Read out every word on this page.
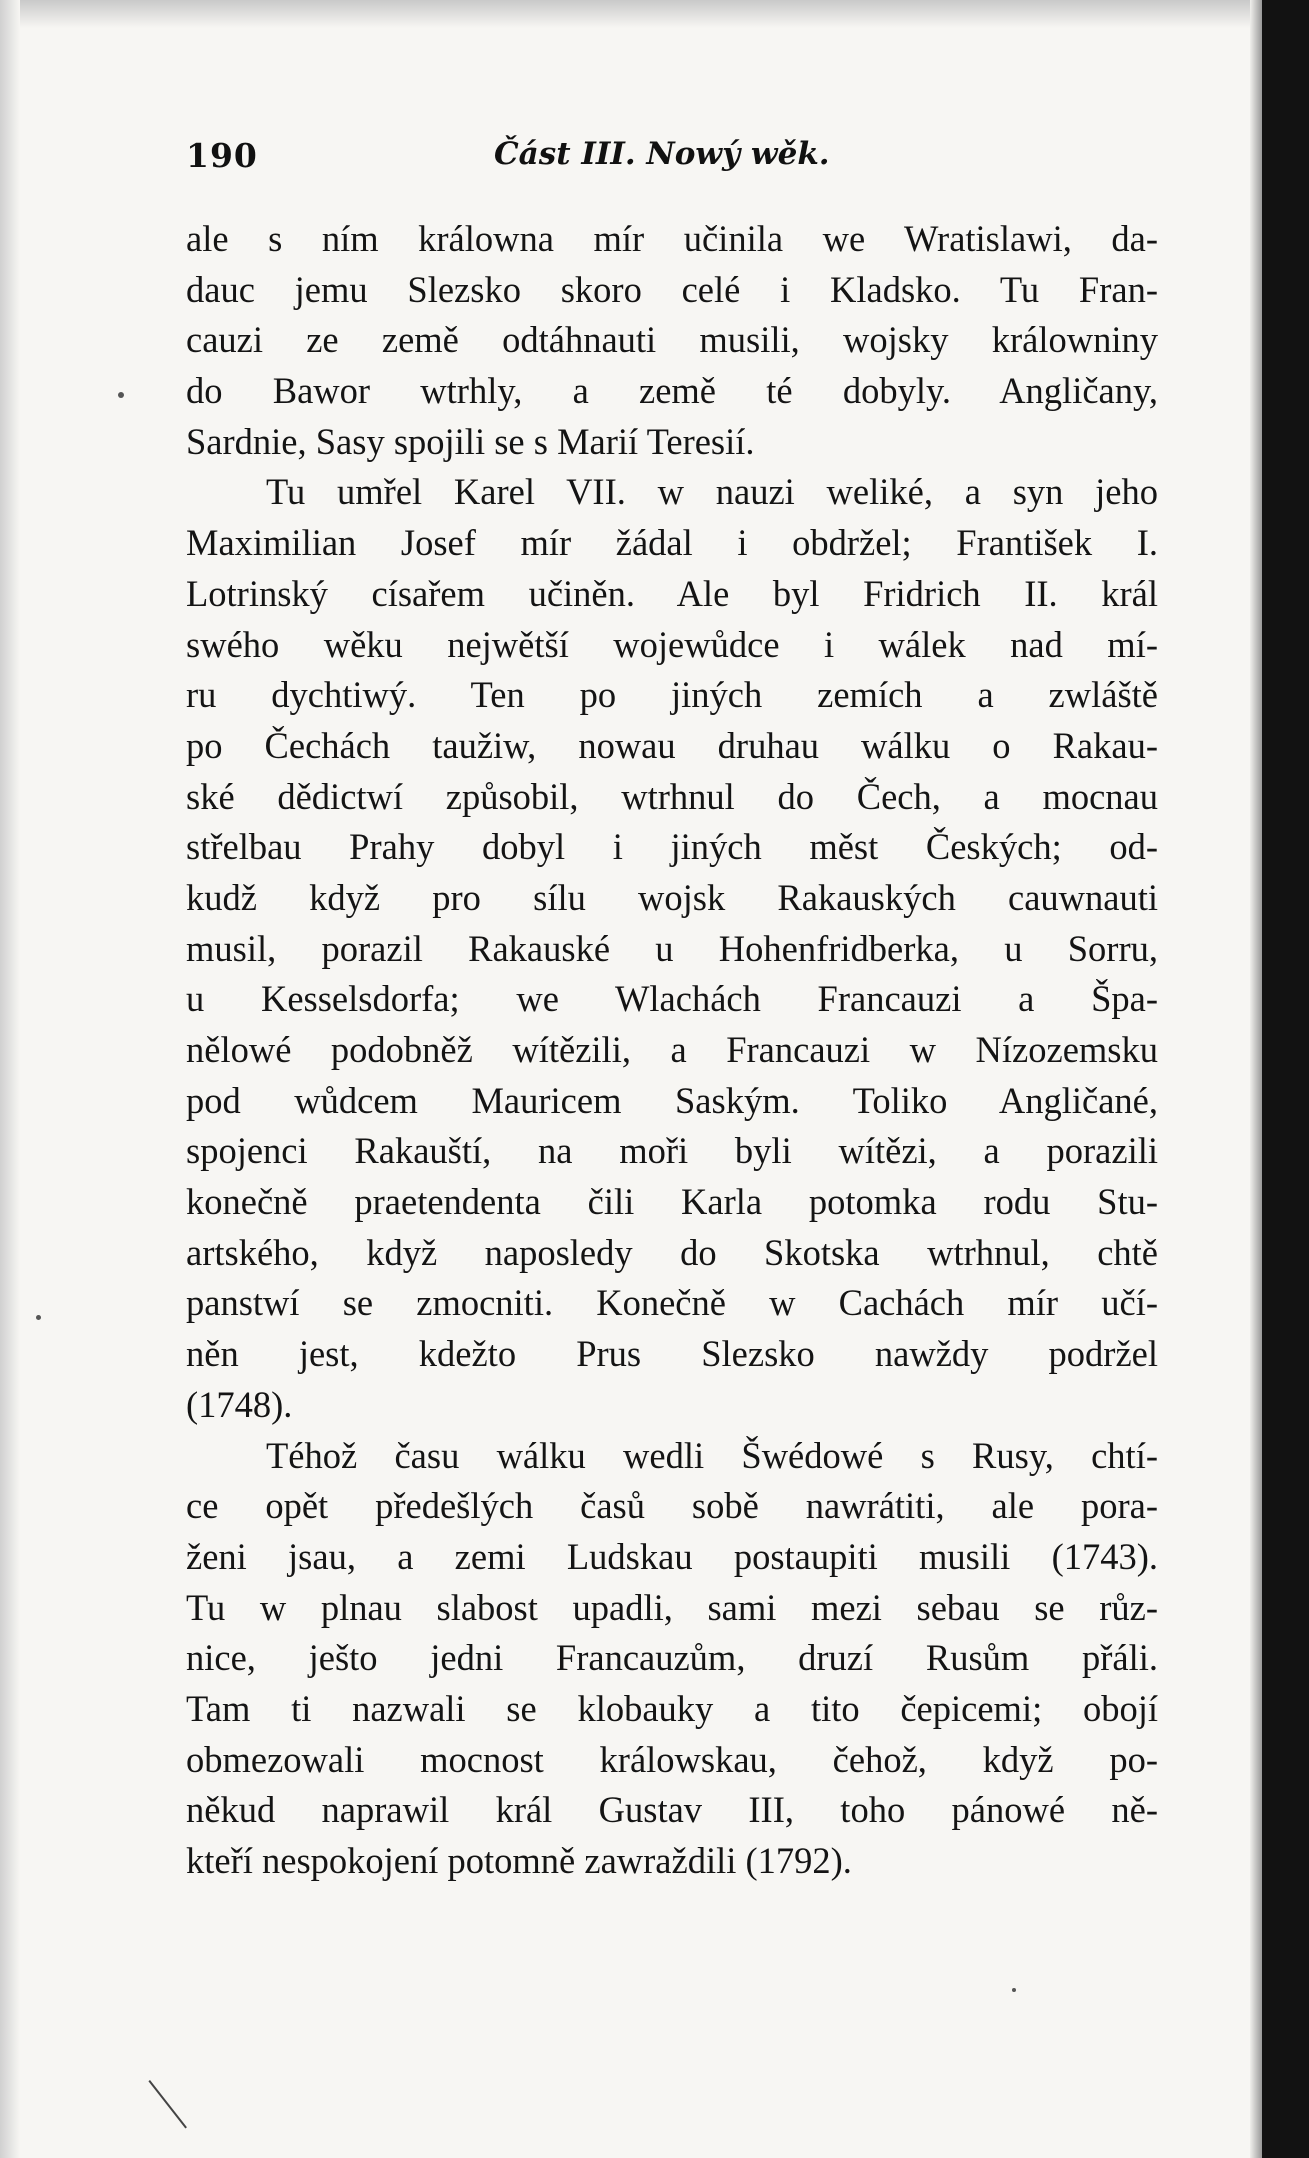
190	Část III. Nowý wěk.
ale s ním králowna mír učinila we Wratislawi, da-
dauc jemu Slezsko skoro celé i Kladsko. Tu Fran-
cauzi ze země odtáhnauti musili, wojsky králowniny
do Bawor wtrhly, a země té dobyly. Angličany,
Sardnie, Sasy spojili se s Marií Teresií.
Tu umřel Karel VII. w nauzi weliké, a syn jeho
Maximilian Josef mír žádal i obdržel; František I.
Lotrinský císařem učiněn. Ale byl Fridrich II. král
swého wěku nejwětší wojewůdce i wálek nad mí-
ru dychtiwý. Ten po jiných zemích a zwláště
po Čechách taužiw, nowau druhau wálku o Rakau-
ské dědictwí způsobil, wtrhnul do Čech, a mocnau
střelbau Prahy dobyl i jiných měst Českých; od-
kudž když pro sílu wojsk Rakauských cauwnauti
musil, porazil Rakauské u Hohenfridberka, u Sorru,
u Kesselsdorfa; we Wlachách Francauzi a Špa-
nělowé podobněž wítězili, a Francauzi w Nízozemsku
pod wůdcem Mauricem Saským. Toliko Angličané,
spojenci Rakauští, na moři byli wítězi, a porazili
konečně praetendenta čili Karla potomka rodu Stu-
artského, když naposledy do Skotska wtrhnul, chtě
panstwí se zmocniti. Konečně w Cachách mír učí-
něn jest, kdežto Prus Slezsko nawždy podržel
(1748).
Téhož času wálku wedli Šwédowé s Rusy, chtí-
ce opět předešlých časů sobě nawrátiti, ale pora-
ženi jsau, a zemi Ludskau postaupiti musili (1743).
Tu w plnau slabost upadli, sami mezi sebau se růz-
nice, ješto jedni Francauzům, druzí Rusům přáli.
Tam ti nazwali se klobauky a tito čepicemi; obojí
obmezowali mocnost králowskau, čehož, když po-
někud naprawil král Gustav III, toho pánowé ně-
kteří nespokojení potomně zawraždili (1792).
